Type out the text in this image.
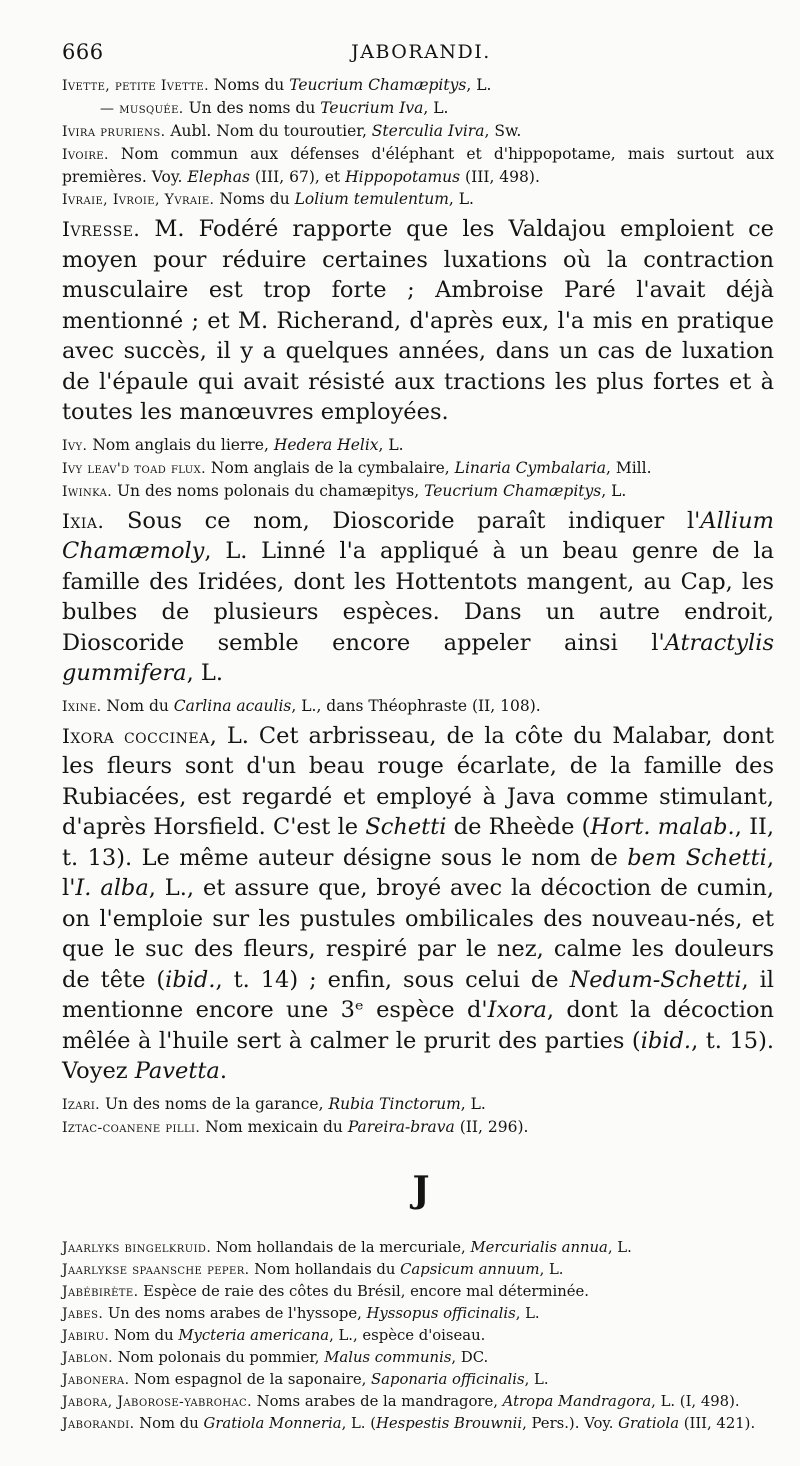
666	JABORANDI.

Ivette, petite Ivette. Noms du Teucrium Chamæpitys, L.

— musquée. Un des noms du Teucrium Iva, L.

Ivira pruriens. Aubl. Nom du touroutier, Sterculia Ivira, Sw.

Ivoire. Nom commun aux défenses d'éléphant et d'hippopotame, mais surtout aux premières. Voy. Elephas (III, 67), et Hippopotamus (III, 498).

Ivraie, Ivroie, Yvraie. Noms du Lolium temulentum, L.

Ivresse. M. Fodéré rapporte que les Valdajou emploient ce moyen pour réduire certaines luxations où la contraction musculaire est trop forte ; Ambroise Paré l'avait déjà mentionné ; et M. Richerand, d'après eux, l'a mis en pratique avec succès, il y a quelques années, dans un cas de luxation de l'épaule qui avait résisté aux tractions les plus fortes et à toutes les manœuvres employées.

Ivy. Nom anglais du lierre, Hedera Helix, L.

Ivy leav'd toad flux. Nom anglais de la cymbalaire, Linaria Cymbalaria, Mill.

Iwinka. Un des noms polonais du chamæpitys, Teucrium Chamæpitys, L.

Ixia. Sous ce nom, Dioscoride paraît indiquer l'Allium Chamæmoly, L. Linné l'a appliqué à un beau genre de la famille des Iridées, dont les Hottentots mangent, au Cap, les bulbes de plusieurs espèces. Dans un autre endroit, Dioscoride semble encore appeler ainsi l'Atractylis gummifera, L.

Ixine. Nom du Carlina acaulis, L., dans Théophraste (II, 108).

Ixora coccinea, L. Cet arbrisseau, de la côte du Malabar, dont les fleurs sont d'un beau rouge écarlate, de la famille des Rubiacées, est regardé et employé à Java comme stimulant, d'après Horsfield. C'est le Schetti de Rheède (Hort. malab., II, t. 13). Le même auteur désigne sous le nom de bem Schetti, l'I. alba, L., et assure que, broyé avec la décoction de cumin, on l'emploie sur les pustules ombilicales des nouveau-nés, et que le suc des fleurs, respiré par le nez, calme les douleurs de tête (ibid., t. 14) ; enfin, sous celui de Nedum-Schetti, il mentionne encore une 3ᵉ espèce d'Ixora, dont la décoction mêlée à l'huile sert à calmer le prurit des parties (ibid., t. 15). Voyez Pavetta.

Izari. Un des noms de la garance, Rubia Tinctorum, L.

Iztac-coanene pilli. Nom mexicain du Pareira-brava (II, 296).

J

Jaarlyks bingelkruid. Nom hollandais de la mercuriale, Mercurialis annua, L.

Jaarlykse spaansche peper. Nom hollandais du Capsicum annuum, L.

Jabébirète. Espèce de raie des côtes du Brésil, encore mal déterminée.

Jabes. Un des noms arabes de l'hyssope, Hyssopus officinalis, L.

Jabiru. Nom du Mycteria americana, L., espèce d'oiseau.

Jablon. Nom polonais du pommier, Malus communis, DC.

Jabonera. Nom espagnol de la saponaire, Saponaria officinalis, L.

Jabora, Jaborose-yabrohac. Noms arabes de la mandragore, Atropa Mandragora, L. (I, 498).

Jaborandi. Nom du Gratiola Monneria, L. (Hespestis Brouwnii, Pers.). Voy. Gratiola (III, 421).
